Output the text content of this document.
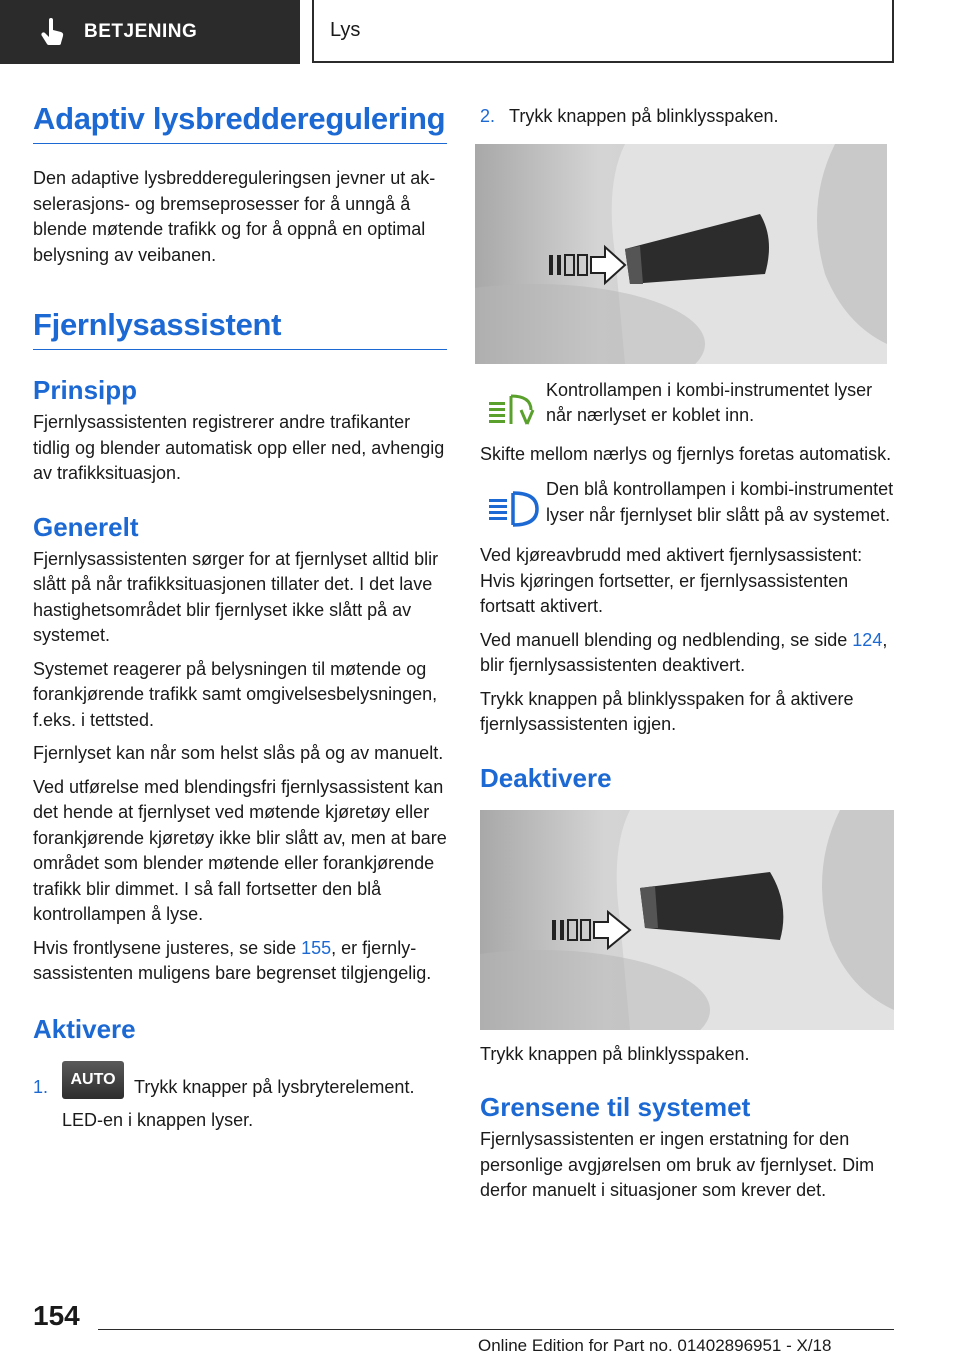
BETJENING	Lys
Adaptiv lysbredderegulering

Den adaptive lysbreddereguleringsen jevner ut akselerasjons- og bremseprosesser for å unngå å blende møtende trafikk og for å oppnå en optimal belysning av veibanen.

Fjernlysassistent
Prinsipp

Fjernlysassistenten registrerer andre trafikanter tidlig og blender automatisk opp eller ned, avhengig av trafikksituasjon.

Generelt

Fjernlysassistenten sørger for at fjernlyset alltid blir slått på når trafikksituasjonen tillater det. I det lave hastighetsområdet blir fjernlyset ikke slått på av systemet.

Systemet reagerer på belysningen til møtende og forankjørende trafikk samt omgivelsesbelysningen, f.eks. i tettsted.

Fjernlyset kan når som helst slås på og av manuelt.

Ved utførelse med blendingsfri fjernlysassistent kan det hende at fjernlyset ved møtende kjøretøy eller forankjørende kjøretøy ikke blir slått av, men at bare området som blender møtende eller forankjørende trafikk blir dimmet. I så fall fortsetter den blå kontrollampen å lyse.

Hvis frontlysene justeres, se side 155, er fjernlysassistenten muligens bare begrenset tilgjengelig.

Aktivere
1.	AUTO Trykk knapper på lysbryterelement.

LED-en i knappen lyser.

2. Trykk knappen på blinklysspaken.

Kontrollampen i kombi-instrumentet lyser når nærlyset er koblet inn.

Skifte mellom nærlys og fjernlys foretas automatisk.

Den blå kontrollampen i kombi-instrumentet lyser når fjernlyset blir slått på av systemet.

Ved kjøreavbrudd med aktivert fjernlysassistent: Hvis kjøringen fortsetter, er fjernlysassistenten fortsatt aktivert.

Ved manuell blending og nedblending, se side 124, blir fjernlysassistenten deaktivert.

Trykk knappen på blinklysspaken for å aktivere fjernlysassistenten igjen.

Deaktivere

Trykk knappen på blinklysspaken.

Grensene til systemet

Fjernlysassistenten er ingen erstatning for den personlige avgjørelsen om bruk av fjernlyset. Dim derfor manuelt i situasjoner som krever det.

154
Online Edition for Part no. 01402896951 - X/18
